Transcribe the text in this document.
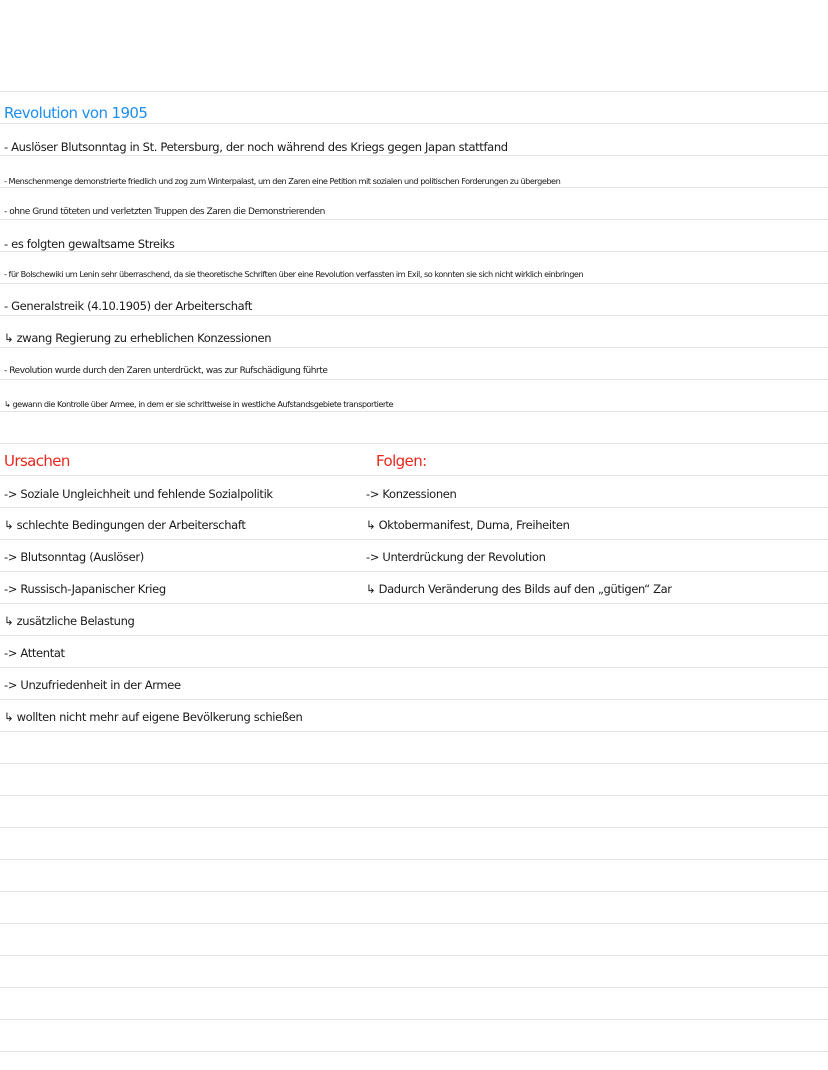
Revolution von 1905
- Auslöser Blutsonntag in St. Petersburg, der noch während des Kriegs gegen Japan stattfand
- Menschenmenge demonstrierte friedlich und zog zum Winterpalast, um den Zaren eine Petition mit sozialen und politischen Forderungen zu übergeben
- ohne Grund töteten und verletzten Truppen des Zaren die Demonstrierenden
- es folgten gewaltsame Streiks
- für Bolschewiki um Lenin sehr überraschend, da sie theoretische Schriften über eine Revolution verfassten im Exil, so konnten sie sich nicht wirklich einbringen
- Generalstreik (4.10.1905) der Arbeiterschaft
↳ zwang Regierung zu erheblichen Konzessionen
- Revolution wurde durch den Zaren unterdrückt, was zur Rufschädigung führte
↳ gewann die Kontrolle über Armee, in dem er sie schrittweise in westliche Aufstandsgebiete transportierte
Ursachen
-> Soziale Ungleichheit und fehlende Sozialpolitik
↳ schlechte Bedingungen der Arbeiterschaft
-> Blutsonntag (Auslöser)
-> Russisch-Japanischer Krieg
↳ zusätzliche Belastung
-> Attentat
-> Unzufriedenheit in der Armee
↳ wollten nicht mehr auf eigene Bevölkerung schießen
Folgen:
-> Konzessionen
↳ Oktobermanifest, Duma, Freiheiten
-> Unterdrückung der Revolution
↳ Dadurch Veränderung des Bilds auf den „gütigen“ Zar
